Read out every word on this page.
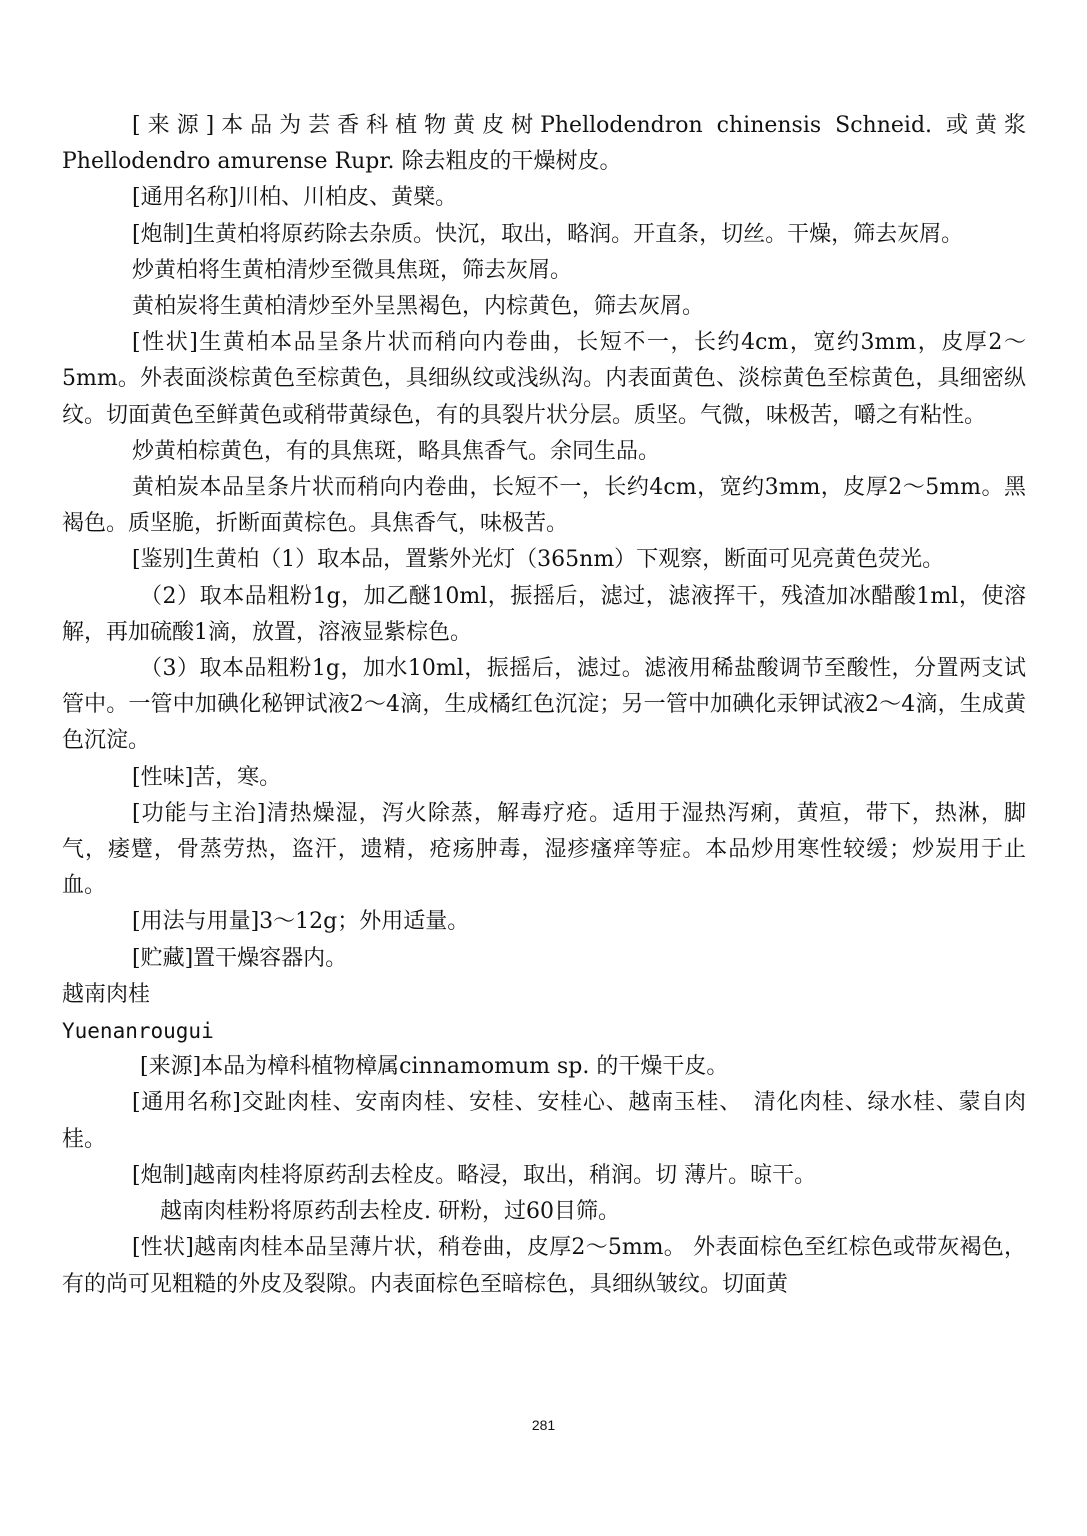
[来源]本品为芸香科植物黄皮树Phellodendron chinensis Schneid. 或黄浆Phellodendro amurense Rupr. 除去粗皮的干燥树皮。

[通用名称]川柏、川柏皮、黄檗。

[炮制]生黄柏将原药除去杂质。快沉，取出，略润。开直条，切丝。干燥，筛去灰屑。

炒黄柏将生黄柏清炒至微具焦斑，筛去灰屑。

黄柏炭将生黄柏清炒至外呈黑褐色，内棕黄色，筛去灰屑。

[性状]生黄柏本品呈条片状而稍向内卷曲，长短不一，长约4cm，宽约3mm，皮厚2～5mm。外表面淡棕黄色至棕黄色，具细纵纹或浅纵沟。内表面黄色、淡棕黄色至棕黄色，具细密纵纹。切面黄色至鲜黄色或稍带黄绿色，有的具裂片状分层。质坚。气微，味极苦，嚼之有粘性。

炒黄柏棕黄色，有的具焦斑，略具焦香气。余同生品。

黄柏炭本品呈条片状而稍向内卷曲，长短不一，长约4cm，宽约3mm，皮厚2～5mm。黑褐色。质坚脆，折断面黄棕色。具焦香气，味极苦。

[鉴别]生黄柏（1）取本品，置紫外光灯（365nm）下观察，断面可见亮黄色荧光。

（2）取本品粗粉1g，加乙醚10ml，振摇后，滤过，滤液挥干，残渣加冰醋酸1ml，使溶解，再加硫酸1滴，放置，溶液显紫棕色。

（3）取本品粗粉1g，加水10ml，振摇后，滤过。滤液用稀盐酸调节至酸性，分置两支试管中。一管中加碘化秘钾试液2～4滴，生成橘红色沉淀；另一管中加碘化汞钾试液2～4滴，生成黄色沉淀。

[性味]苦，寒。

[功能与主治]清热燥湿，泻火除蒸，解毒疗疮。适用于湿热泻痢，黄疸，带下，热淋，脚气，痿躄，骨蒸劳热，盗汗，遗精，疮疡肿毒，湿疹瘙痒等症。本品炒用寒性较缓；炒炭用于止血。

[用法与用量]3～12g；外用适量。

[贮藏]置干燥容器内。

越南肉桂

Yuenanrougui

[来源]本品为樟科植物樟属cinnamomum sp. 的干燥干皮。

[通用名称]交趾肉桂、安南肉桂、安桂、安桂心、越南玉桂、　清化肉桂、绿水桂、蒙自肉桂。

[炮制]越南肉桂将原药刮去栓皮。略浸，取出，稍润。切 薄片。晾干。

越南肉桂粉将原药刮去栓皮. 研粉，过60目筛。

[性状]越南肉桂本品呈薄片状，稍卷曲，皮厚2～5mm。 外表面棕色至红棕色或带灰褐色，有的尚可见粗糙的外皮及裂隙。内表面棕色至暗棕色，具细纵皱纹。切面黄

281
